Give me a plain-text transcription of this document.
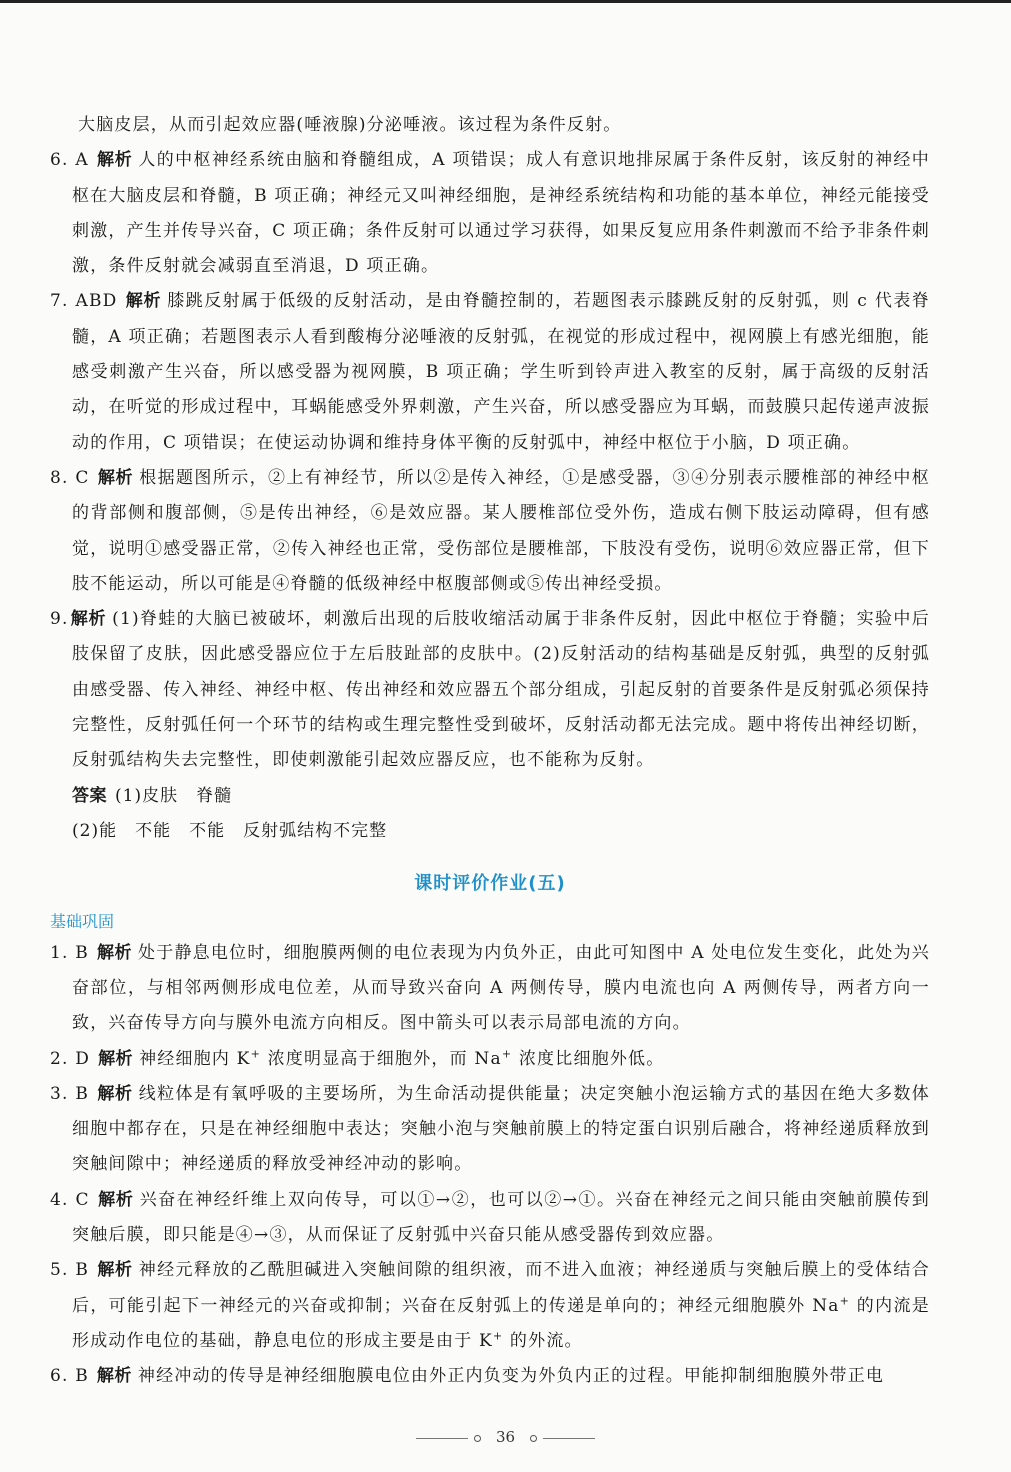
大脑皮层，从而引起效应器(唾液腺)分泌唾液。该过程为条件反射。

6. A 解析 人的中枢神经系统由脑和脊髓组成，A 项错误；成人有意识地排尿属于条件反射，该反射的神经中枢在大脑皮层和脊髓，B 项正确；神经元又叫神经细胞，是神经系统结构和功能的基本单位，神经元能接受刺激，产生并传导兴奋，C 项正确；条件反射可以通过学习获得，如果反复应用条件刺激而不给予非条件刺激，条件反射就会减弱直至消退，D 项正确。

7. ABD 解析 膝跳反射属于低级的反射活动，是由脊髓控制的，若题图表示膝跳反射的反射弧，则 c 代表脊髓，A 项正确；若题图表示人看到酸梅分泌唾液的反射弧，在视觉的形成过程中，视网膜上有感光细胞，能感受刺激产生兴奋，所以感受器为视网膜，B 项正确；学生听到铃声进入教室的反射，属于高级的反射活动，在听觉的形成过程中，耳蜗能感受外界刺激，产生兴奋，所以感受器应为耳蜗，而鼓膜只起传递声波振动的作用，C 项错误；在使运动协调和维持身体平衡的反射弧中，神经中枢位于小脑，D 项正确。

8. C 解析 根据题图所示，②上有神经节，所以②是传入神经，①是感受器，③④分别表示腰椎部的神经中枢的背部侧和腹部侧，⑤是传出神经，⑥是效应器。某人腰椎部位受外伤，造成右侧下肢运动障碍，但有感觉，说明①感受器正常，②传入神经也正常，受伤部位是腰椎部，下肢没有受伤，说明⑥效应器正常，但下肢不能运动，所以可能是④脊髓的低级神经中枢腹部侧或⑤传出神经受损。

9. 解析 (1)脊蛙的大脑已被破坏，刺激后出现的后肢收缩活动属于非条件反射，因此中枢位于脊髓；实验中后肢保留了皮肤，因此感受器应位于左后肢趾部的皮肤中。(2)反射活动的结构基础是反射弧，典型的反射弧由感受器、传入神经、神经中枢、传出神经和效应器五个部分组成，引起反射的首要条件是反射弧必须保持完整性，反射弧任何一个环节的结构或生理完整性受到破坏，反射活动都无法完成。题中将传出神经切断，反射弧结构失去完整性，即使刺激能引起效应器反应，也不能称为反射。

答案 (1)皮肤　脊髓
(2)能　不能　不能　反射弧结构不完整
课时评价作业(五)
基础巩固

1. B 解析 处于静息电位时，细胞膜两侧的电位表现为内负外正，由此可知图中 A 处电位发生变化，此处为兴奋部位，与相邻两侧形成电位差，从而导致兴奋向 A 两侧传导，膜内电流也向 A 两侧传导，两者方向一致，兴奋传导方向与膜外电流方向相反。图中箭头可以表示局部电流的方向。

2. D 解析 神经细胞内 K+ 浓度明显高于细胞外，而 Na+ 浓度比细胞外低。

3. B 解析 线粒体是有氧呼吸的主要场所，为生命活动提供能量；决定突触小泡运输方式的基因在绝大多数体细胞中都存在，只是在神经细胞中表达；突触小泡与突触前膜上的特定蛋白识别后融合，将神经递质释放到突触间隙中；神经递质的释放受神经冲动的影响。

4. C 解析 兴奋在神经纤维上双向传导，可以①→②，也可以②→①。兴奋在神经元之间只能由突触前膜传到突触后膜，即只能是④→③，从而保证了反射弧中兴奋只能从感受器传到效应器。

5. B 解析 神经元释放的乙酰胆碱进入突触间隙的组织液，而不进入血液；神经递质与突触后膜上的受体结合后，可能引起下一神经元的兴奋或抑制；兴奋在反射弧上的传递是单向的；神经元细胞膜外 Na+ 的内流是形成动作电位的基础，静息电位的形成主要是由于 K+ 的外流。

6. B 解析 神经冲动的传导是神经细胞膜电位由外正内负变为外负内正的过程。甲能抑制细胞膜外带正电

36
